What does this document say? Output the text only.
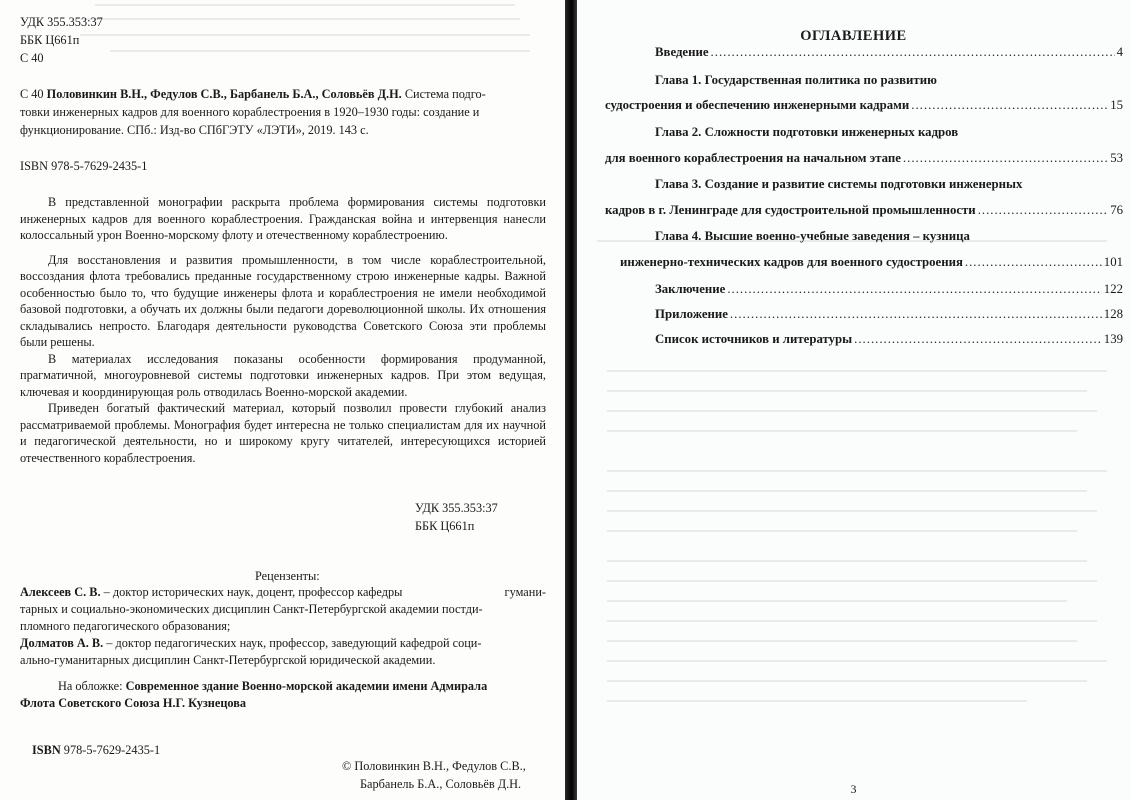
УДК 355.353:37
ББК Ц661п
С 40
С 40 Половинкин В.Н., Федулов С.В., Барбанель Б.А., Соловьёв Д.Н. Система подго-
товки инженерных кадров для военного кораблестроения в 1920–1930 годы: создание и
функционирование. СПб.: Изд-во СПбГЭТУ «ЛЭТИ», 2019. 143 с.
ISBN 978-5-7629-2435-1

В представленной монографии раскрыта проблема формирования системы подготовки инженерных кадров для военного кораблестроения. Гражданская война и интервенция нанесли колоссальный урон Военно-морскому флоту и отечественному кораблестроению.

Для восстановления и развития промышленности, в том числе кораблестроительной, воссоздания флота требовались преданные государственному строю инженерные кадры. Важной особенностью было то, что будущие инженеры флота и кораблестроения не имели необходимой базовой подготовки, а обучать их должны были педагоги дореволюционной школы. Их отношения складывались непросто. Благодаря деятельности руководства Советского Союза эти проблемы были решены.

В материалах исследования показаны особенности формирования продуманной, прагматичной, многоуровневой системы подготовки инженерных кадров. При этом ведущая, ключевая и координирующая роль отводилась Военно-морской академии.

Приведен богатый фактический материал, который позволил провести глубокий анализ рассматриваемой проблемы. Монография будет интересна не только специалистам для их научной и педагогической деятельности, но и широкому кругу читателей, интересующихся историей отечественного кораблестроения.

УДК 355.353:37
ББК Ц661п
Рецензенты:
Алексеев С. В. – доктор исторических наук, доцент, профессор кафедры	гумани-
тарных и социально-экономических дисциплин Санкт-Петербургской академии постди-
пломного педагогического образования;
Долматов А. В. – доктор педагогических наук, профессор, заведующий кафедрой соци-
ально-гуманитарных дисциплин Санкт-Петербургской юридической академии.
На обложке: Современное здание Военно-морской академии имени Адмирала
Флота Советского Союза Н.Г. Кузнецова
ISBN 978-5-7629-2435-1
© Половинкин В.Н., Федулов С.В.,
Барбанель Б.А., Соловьёв Д.Н.
ОГЛАВЛЕНИЕ
Введение .....	4
Глава 1. Государственная политика по развитию
судостроения и обеспечению инженерными кадрами .....	15
Глава 2. Сложности подготовки инженерных кадров
для военного кораблестроения на начальном этапе .....	53
Глава 3. Создание и развитие системы подготовки инженерных
кадров в г. Ленинграде для судостроительной промышленности .....	76
Глава 4. Высшие военно-учебные заведения – кузница
инженерно-технических кадров для военного судостроения .....	101
Заключение .....	122
Приложение .....	128
Список источников и литературы .....	139
3
